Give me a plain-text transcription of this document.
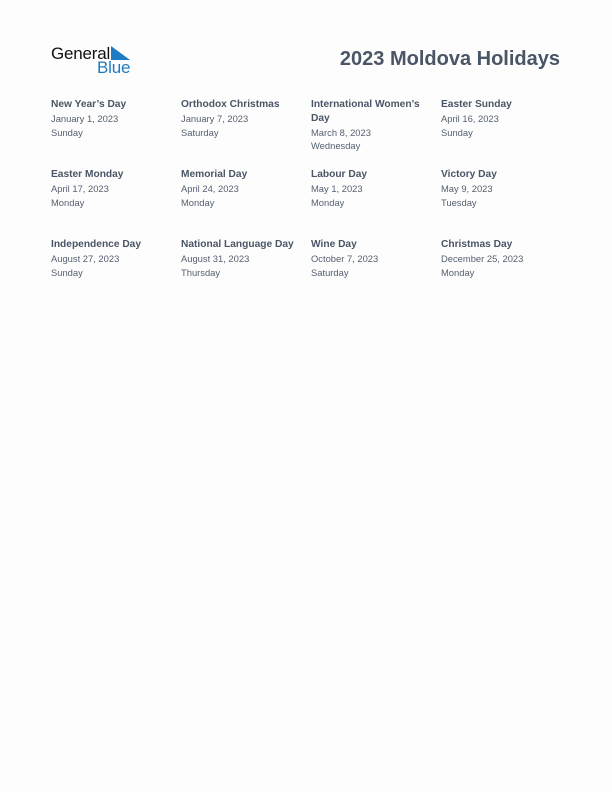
General
Blue	2023 Moldova Holidays
New Year’s Day
January 1, 2023
Sunday
Orthodox Christmas
January 7, 2023
Saturday
International Women’s Day
March 8, 2023
Wednesday
Easter Sunday
April 16, 2023
Sunday
Easter Monday
April 17, 2023
Monday
Memorial Day
April 24, 2023
Monday
Labour Day
May 1, 2023
Monday
Victory Day
May 9, 2023
Tuesday
Independence Day
August 27, 2023
Sunday
National Language Day
August 31, 2023
Thursday
Wine Day
October 7, 2023
Saturday
Christmas Day
December 25, 2023
Monday
